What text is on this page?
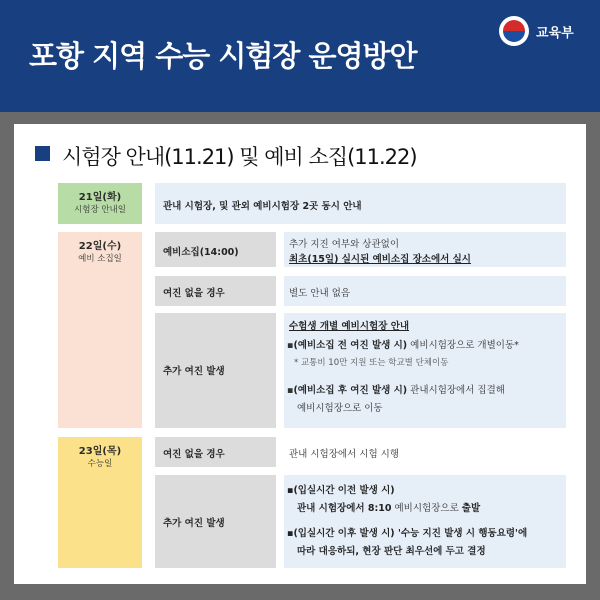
포항 지역 수능 시험장 운영방안
교육부
시험장 안내(11.21) 및 예비 소집(11.22)
21일(화)
시험장 안내일
22일(수)
예비 소집일
23일(목)
수능일
관내 시험장, 및 관외 예비시험장 2곳 동시 안내
예비소집(14:00)
추가 지진 여부와 상관없이
최초(15일) 실시된 예비소집 장소에서 실시
여진 없을 경우	별도 안내 없음
추가 여진 발생
수험생 개별 예비시험장 안내
▪(예비소집 전 여진 발생 시) 예비시험장으로 개별이동*
* 교통비 10만 지원 또는 학교별 단체이동
▪(예비소집 후 여진 발생 시) 관내시험장에서 집결해
예비시험장으로 이동
여진 없을 경우	관내 시험장에서 시험 시행
추가 여진 발생
▪(입실시간 이전 발생 시)
관내 시험장에서 8:10 예비시험장으로 출발
▪(입실시간 이후 발생 시) '수능 지진 발생 시 행동요령'에
따라 대응하되, 현장 판단 최우선에 두고 결정
